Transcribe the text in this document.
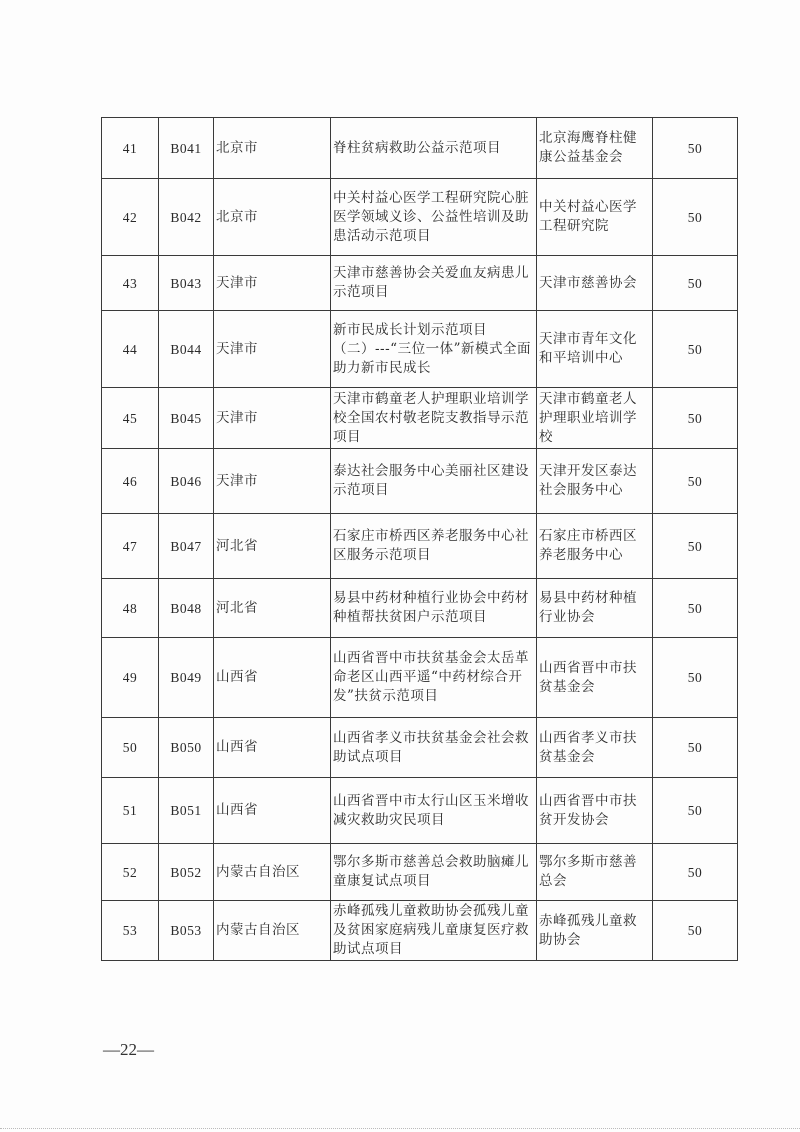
41	B041	北京市	脊柱贫病救助公益示范项目	北京海鹰脊柱健康公益基金会	50
42	B042	北京市	中关村益心医学工程研究院心脏医学领域义诊、公益性培训及助患活动示范项目	中关村益心医学工程研究院	50
43	B043	天津市	天津市慈善协会关爱血友病患儿示范项目	天津市慈善协会	50
44	B044	天津市	新市民成长计划示范项目（二）---“三位一体”新模式全面助力新市民成长	天津市青年文化和平培训中心	50
45	B045	天津市	天津市鹤童老人护理职业培训学校全国农村敬老院支教指导示范项目	天津市鹤童老人护理职业培训学校	50
46	B046	天津市	泰达社会服务中心美丽社区建设示范项目	天津开发区泰达社会服务中心	50
47	B047	河北省	石家庄市桥西区养老服务中心社区服务示范项目	石家庄市桥西区养老服务中心	50
48	B048	河北省	易县中药材种植行业协会中药材种植帮扶贫困户示范项目	易县中药材种植行业协会	50
49	B049	山西省	山西省晋中市扶贫基金会太岳革命老区山西平遥“中药材综合开发”扶贫示范项目	山西省晋中市扶贫基金会	50
50	B050	山西省	山西省孝义市扶贫基金会社会救助试点项目	山西省孝义市扶贫基金会	50
51	B051	山西省	山西省晋中市太行山区玉米增收减灾救助灾民项目	山西省晋中市扶贫开发协会	50
52	B052	内蒙古自治区	鄂尔多斯市慈善总会救助脑瘫儿童康复试点项目	鄂尔多斯市慈善总会	50
53	B053	内蒙古自治区	赤峰孤残儿童救助协会孤残儿童及贫困家庭病残儿童康复医疗救助试点项目	赤峰孤残儿童救助协会	50
—22—
